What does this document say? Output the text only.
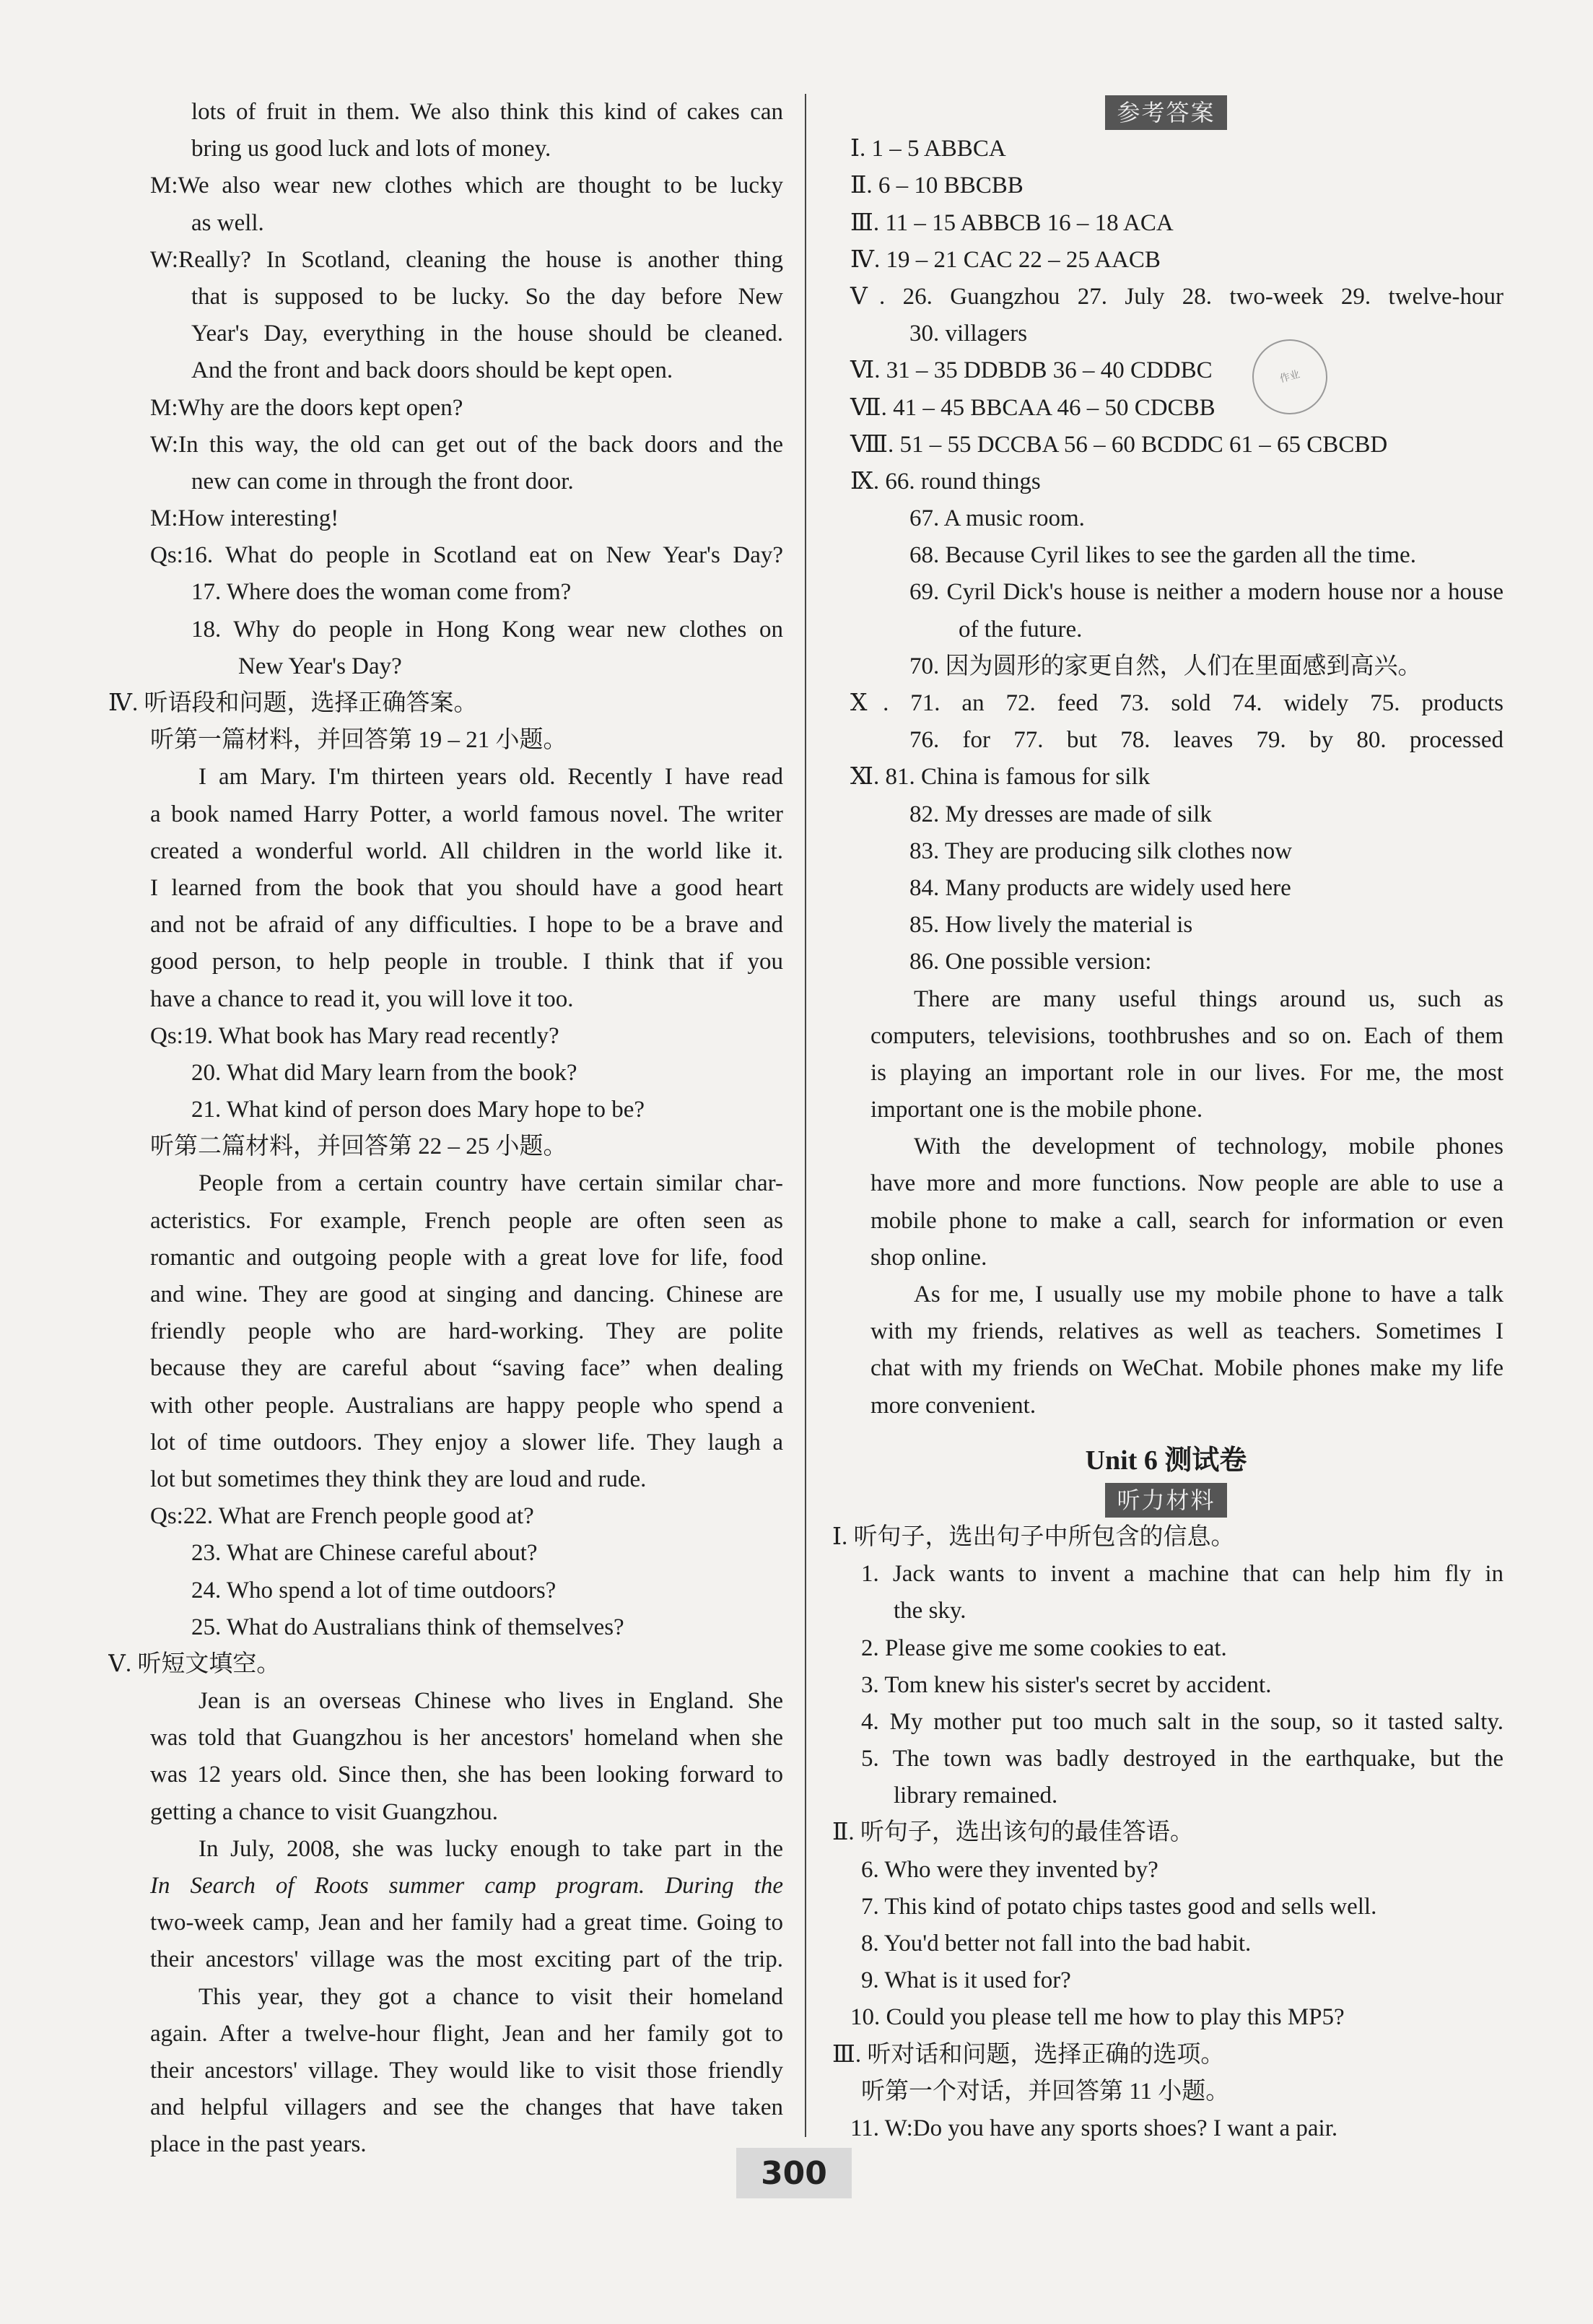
lots of fruit in them. We also think this kind of cakes can
bring us good luck and lots of money.
M:We also wear new clothes which are thought to be lucky
as well.
W:Really? In Scotland, cleaning the house is another thing
that is supposed to be lucky. So the day before New
Year's Day, everything in the house should be cleaned.
And the front and back doors should be kept open.
M:Why are the doors kept open?
W:In this way, the old can get out of the back doors and the
new can come in through the front door.
M:How interesting!
Qs:16. What do people in Scotland eat on New Year's Day?
17. Where does the woman come from?
18. Why do people in Hong Kong wear new clothes on
New Year's Day?
Ⅳ. 听语段和问题，选择正确答案。
听第一篇材料，并回答第 19 – 21 小题。
I am Mary. I'm thirteen years old. Recently I have read
a book named Harry Potter, a world famous novel. The writer
created a wonderful world. All children in the world like it.
I learned from the book that you should have a good heart
and not be afraid of any difficulties. I hope to be a brave and
good person, to help people in trouble. I think that if you
have a chance to read it, you will love it too.
Qs:19. What book has Mary read recently?
20. What did Mary learn from the book?
21. What kind of person does Mary hope to be?
听第二篇材料，并回答第 22 – 25 小题。
People from a certain country have certain similar char-
acteristics. For example, French people are often seen as
romantic and outgoing people with a great love for life, food
and wine. They are good at singing and dancing. Chinese are
friendly people who are hard-working. They are polite
because they are careful about “saving face” when dealing
with other people. Australians are happy people who spend a
lot of time outdoors. They enjoy a slower life. They laugh a
lot but sometimes they think they are loud and rude.
Qs:22. What are French people good at?
23. What are Chinese careful about?
24. Who spend a lot of time outdoors?
25. What do Australians think of themselves?
Ⅴ. 听短文填空。
Jean is an overseas Chinese who lives in England. She
was told that Guangzhou is her ancestors' homeland when she
was 12 years old. Since then, she has been looking forward to
getting a chance to visit Guangzhou.
In July, 2008, she was lucky enough to take part in the
In Search of Roots summer camp program. During the
two-week camp, Jean and her family had a great time. Going to
their ancestors' village was the most exciting part of the trip.
This year, they got a chance to visit their homeland
again. After a twelve-hour flight, Jean and her family got to
their ancestors' village. They would like to visit those friendly
and helpful villagers and see the changes that have taken
place in the past years.
参考答案
Ⅰ. 1 – 5 ABBCA
Ⅱ. 6 – 10 BBCBB
Ⅲ. 11 – 15 ABBCB 16 – 18 ACA
Ⅳ. 19 – 21 CAC 22 – 25 AACB
Ⅴ. 26. Guangzhou 27. July 28. two-week 29. twelve-hour
30. villagers
Ⅵ. 31 – 35 DDBDB 36 – 40 CDDBC
Ⅶ. 41 – 45 BBCAA 46 – 50 CDCBB
Ⅷ. 51 – 55 DCCBA 56 – 60 BCDDC 61 – 65 CBCBD
Ⅸ. 66. round things
67. A music room.
68. Because Cyril likes to see the garden all the time.
69. Cyril Dick's house is neither a modern house nor a house
of the future.
70. 因为圆形的家更自然，人们在里面感到高兴。
Ⅹ. 71. an 72. feed 73. sold 74. widely 75. products
76. for 77. but 78. leaves 79. by 80. processed
Ⅺ. 81. China is famous for silk
82. My dresses are made of silk
83. They are producing silk clothes now
84. Many products are widely used here
85. How lively the material is
86. One possible version:
There are many useful things around us, such as
computers, televisions, toothbrushes and so on. Each of them
is playing an important role in our lives. For me, the most
important one is the mobile phone.
With the development of technology, mobile phones
have more and more functions. Now people are able to use a
mobile phone to make a call, search for information or even
shop online.
As for me, I usually use my mobile phone to have a talk
with my friends, relatives as well as teachers. Sometimes I
chat with my friends on WeChat. Mobile phones make my life
more convenient.
Unit 6 测试卷
听力材料
Ⅰ. 听句子，选出句子中所包含的信息。
1. Jack wants to invent a machine that can help him fly in
the sky.
2. Please give me some cookies to eat.
3. Tom knew his sister's secret by accident.
4. My mother put too much salt in the soup, so it tasted salty.
5. The town was badly destroyed in the earthquake, but the
library remained.
Ⅱ. 听句子，选出该句的最佳答语。
6. Who were they invented by?
7. This kind of potato chips tastes good and sells well.
8. You'd better not fall into the bad habit.
9. What is it used for?
10. Could you please tell me how to play this MP5?
Ⅲ. 听对话和问题，选择正确的选项。
听第一个对话，并回答第 11 小题。
11. W:Do you have any sports shoes? I want a pair.
作业
300
